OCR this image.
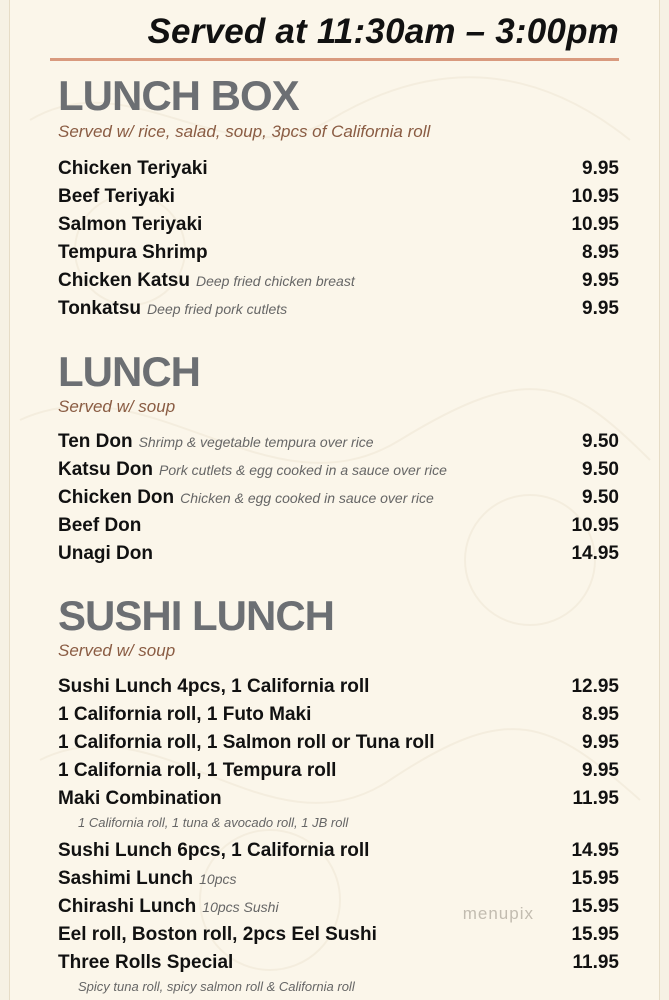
Served at 11:30am – 3:00pm
LUNCH BOX
Served w/ rice, salad, soup, 3pcs of California roll
Chicken Teriyaki	9.95
Beef Teriyaki	10.95
Salmon Teriyaki	10.95
Tempura Shrimp	8.95
Chicken Katsu Deep fried chicken breast	9.95
Tonkatsu Deep fried pork cutlets	9.95
LUNCH
Served w/ soup
Ten Don Shrimp & vegetable tempura over rice	9.50
Katsu Don Pork cutlets & egg cooked in a sauce over rice	9.50
Chicken Don Chicken & egg cooked in sauce over rice	9.50
Beef Don	10.95
Unagi Don	14.95
SUSHI LUNCH
Served w/ soup
Sushi Lunch 4pcs, 1 California roll	12.95
1 California roll, 1 Futo Maki	8.95
1 California roll, 1 Salmon roll or Tuna roll	9.95
1 California roll, 1 Tempura roll	9.95
Maki Combination	11.95
1 California roll, 1 tuna & avocado roll, 1 JB roll
Sushi Lunch 6pcs, 1 California roll	14.95
Sashimi Lunch 10pcs	15.95
Chirashi Lunch 10pcs Sushi	15.95
Eel roll, Boston roll, 2pcs Eel Sushi	15.95
Three Rolls Special	11.95
Spicy tuna roll, spicy salmon roll & California roll
menupix
